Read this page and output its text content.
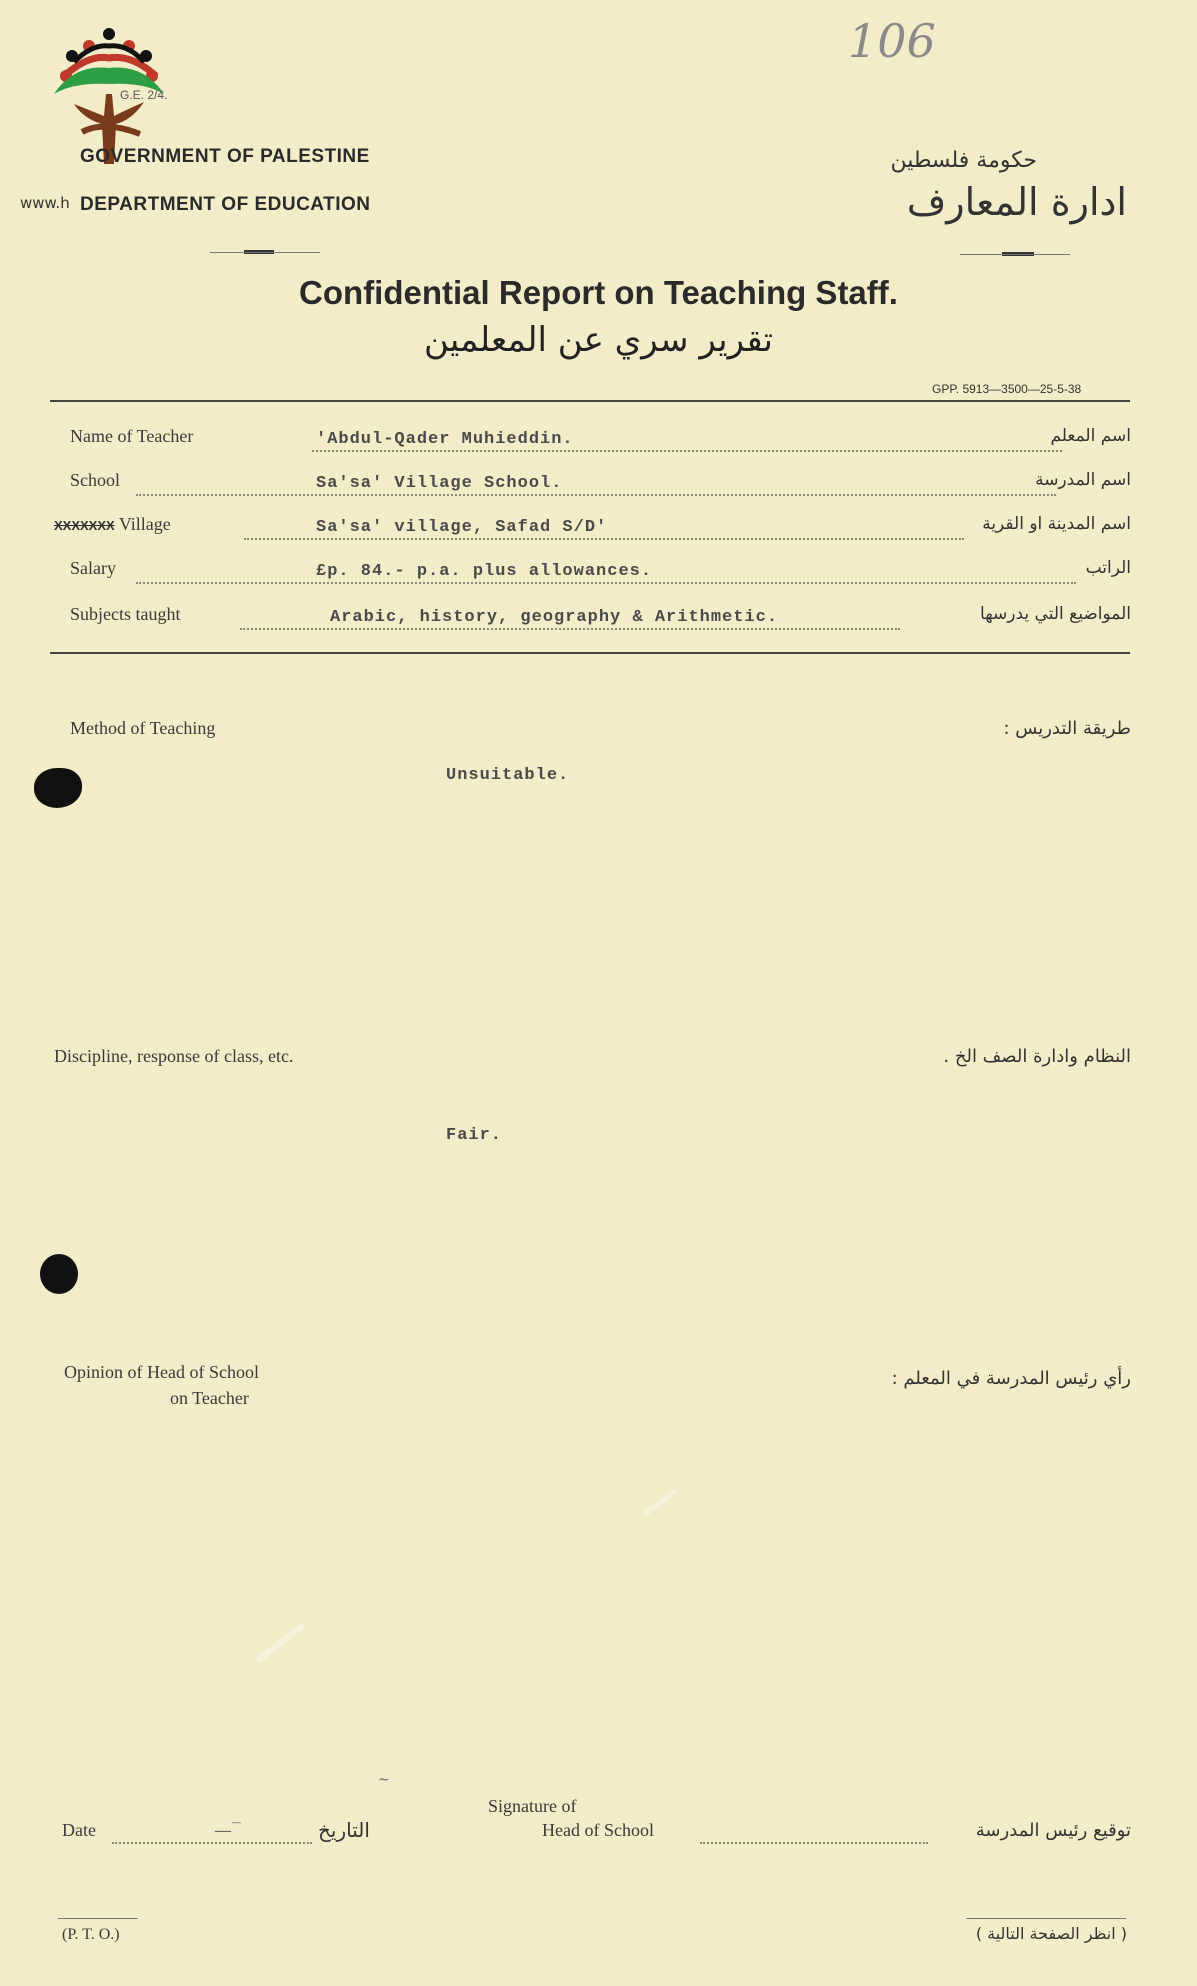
106
www.h
G.E. 2/4.
GOVERNMENT OF PALESTINE
DEPARTMENT OF EDUCATION
حكومة فلسطين
ادارة المعارف
Confidential Report on Teaching Staff.
تقرير سري عن المعلمين
GPP. 5913—3500—25-5-38
Name of Teacher	'Abdul-Qader Muhieddin.	اسم المعلم
School	Sa'sa' Village School.	اسم المدرسة
XXXXXXX Village	Sa'sa' village, Safad S/D'	اسم المدينة او القرية
Salary	£p. 84.- p.a. plus allowances.	الراتب
Subjects taught	Arabic, history, geography & Arithmetic.	المواضيع التي يدرسها
Method of Teaching	طريقة التدريس :
Unsuitable.
Discipline, response of class, etc.	النظام وادارة الصف الخ .
Fair.
Opinion of Head of School
on Teacher
رأي رئيس المدرسة في المعلم :
Date	—‾	التاريخ
~
Signature of
Head of School	توقيع رئيس المدرسة
(P. T. O.)	( انظر الصفحة التالية )
